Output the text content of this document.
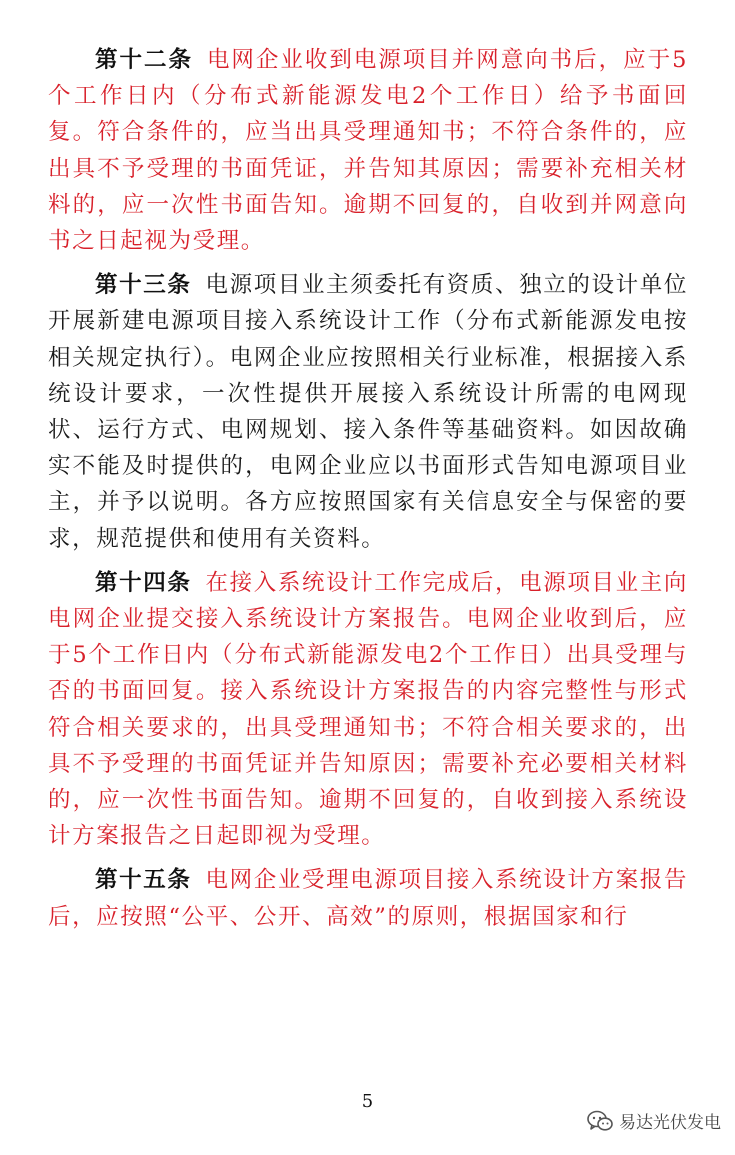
第十二条 电网企业收到电源项目并网意向书后，应于5个工作日内（分布式新能源发电2个工作日）给予书面回复。符合条件的，应当出具受理通知书；不符合条件的，应出具不予受理的书面凭证，并告知其原因；需要补充相关材料的，应一次性书面告知。逾期不回复的，自收到并网意向书之日起视为受理。

第十三条 电源项目业主须委托有资质、独立的设计单位开展新建电源项目接入系统设计工作（分布式新能源发电按相关规定执行）。电网企业应按照相关行业标准，根据接入系统设计要求，一次性提供开展接入系统设计所需的电网现状、运行方式、电网规划、接入条件等基础资料。如因故确实不能及时提供的，电网企业应以书面形式告知电源项目业主，并予以说明。各方应按照国家有关信息安全与保密的要求，规范提供和使用有关资料。

第十四条 在接入系统设计工作完成后，电源项目业主向电网企业提交接入系统设计方案报告。电网企业收到后，应于5个工作日内（分布式新能源发电2个工作日）出具受理与否的书面回复。接入系统设计方案报告的内容完整性与形式符合相关要求的，出具受理通知书；不符合相关要求的，出具不予受理的书面凭证并告知原因；需要补充必要相关材料的，应一次性书面告知。逾期不回复的，自收到接入系统设计方案报告之日起即视为受理。

第十五条 电网企业受理电源项目接入系统设计方案报告后，应按照“公平、公开、高效”的原则，根据国家和行

5
易达光伏发电
